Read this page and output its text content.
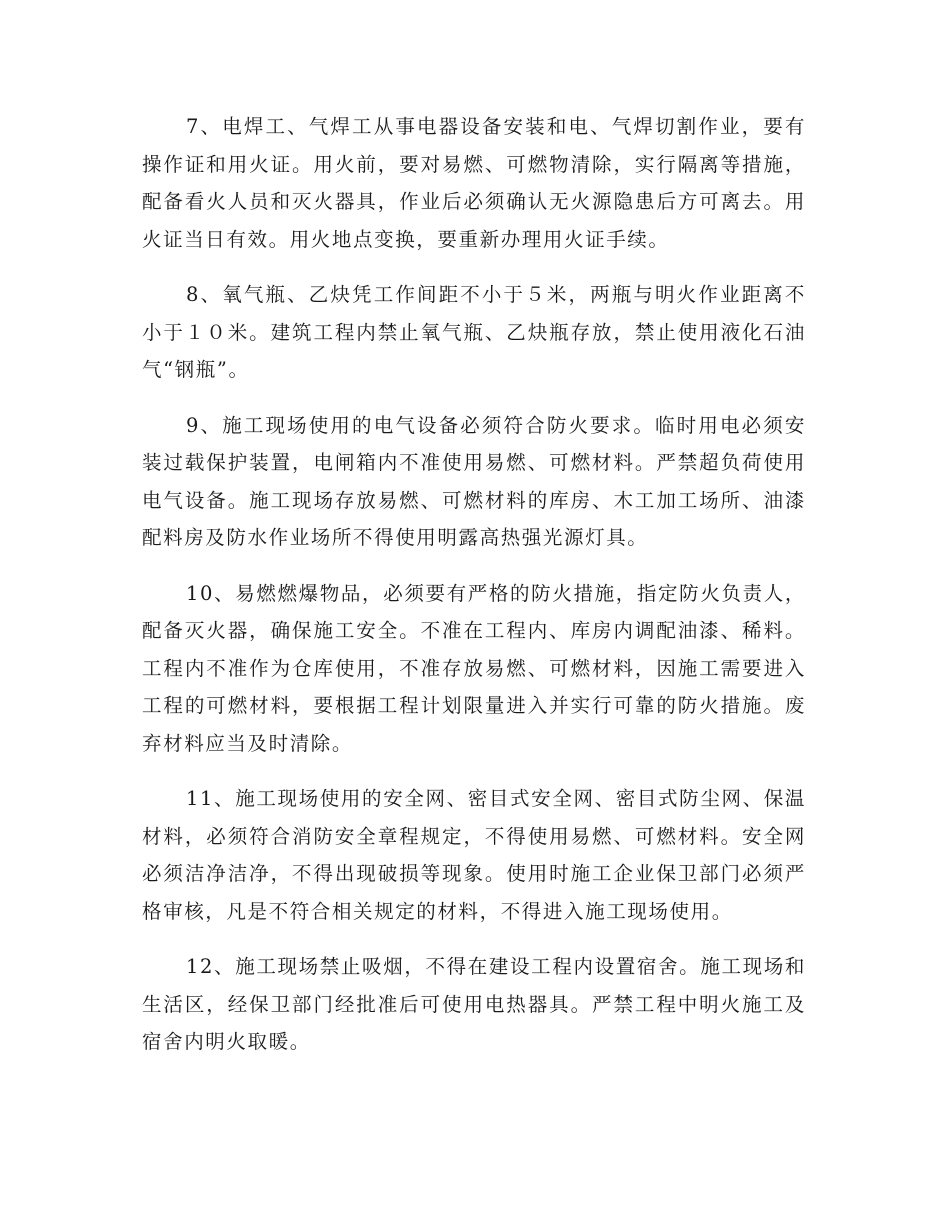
7、电焊工、气焊工从事电器设备安装和电、气焊切割作业，要有操作证和用火证。用火前，要对易燃、可燃物清除，实行隔离等措施，配备看火人员和灭火器具，作业后必须确认无火源隐患后方可离去。用火证当日有效。用火地点变换，要重新办理用火证手续。

8、氧气瓶、乙炔凭工作间距不小于５米，两瓶与明火作业距离不小于１０米。建筑工程内禁止氧气瓶、乙炔瓶存放，禁止使用液化石油气“钢瓶”。

9、施工现场使用的电气设备必须符合防火要求。临时用电必须安装过载保护装置，电闸箱内不准使用易燃、可燃材料。严禁超负荷使用电气设备。施工现场存放易燃、可燃材料的库房、木工加工场所、油漆配料房及防水作业场所不得使用明露高热强光源灯具。

10、易燃燃爆物品，必须要有严格的防火措施，指定防火负责人，配备灭火器，确保施工安全。不准在工程内、库房内调配油漆、稀料。工程内不准作为仓库使用，不准存放易燃、可燃材料，因施工需要进入工程的可燃材料，要根据工程计划限量进入并实行可靠的防火措施。废弃材料应当及时清除。

11、施工现场使用的安全网、密目式安全网、密目式防尘网、保温材料，必须符合消防安全章程规定，不得使用易燃、可燃材料。安全网必须洁净洁净，不得出现破损等现象。使用时施工企业保卫部门必须严格审核，凡是不符合相关规定的材料，不得进入施工现场使用。

12、施工现场禁止吸烟，不得在建设工程内设置宿舍。施工现场和生活区，经保卫部门经批准后可使用电热器具。严禁工程中明火施工及宿舍内明火取暖。
